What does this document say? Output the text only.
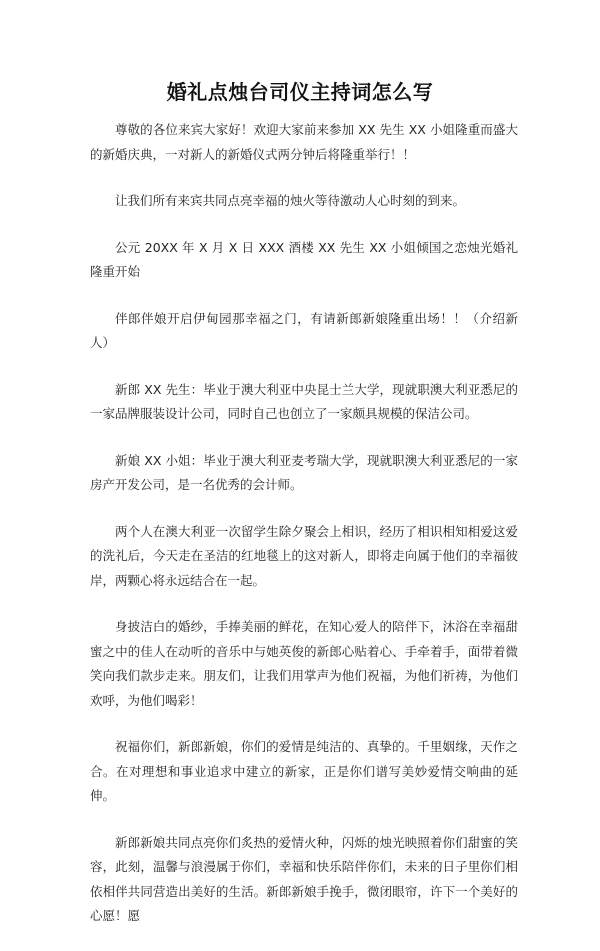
婚礼点烛台司仪主持词怎么写

尊敬的各位来宾大家好！欢迎大家前来参加 XX 先生 XX 小姐隆重而盛大的新婚庆典，一对新人的新婚仪式两分钟后将隆重举行！！

让我们所有来宾共同点亮幸福的烛火等待激动人心时刻的到来。

公元 20XX 年 X 月 X 日 XXX 酒楼 XX 先生 XX 小姐倾国之恋烛光婚礼隆重开始

伴郎伴娘开启伊甸园那幸福之门，有请新郎新娘隆重出场！！（介绍新人）

新郎 XX 先生：毕业于澳大利亚中央昆士兰大学，现就职澳大利亚悉尼的一家品牌服装设计公司，同时自己也创立了一家颇具规模的保洁公司。

新娘 XX 小姐：毕业于澳大利亚麦考瑞大学，现就职澳大利亚悉尼的一家房产开发公司，是一名优秀的会计师。

两个人在澳大利亚一次留学生除夕聚会上相识，经历了相识相知相爱这爱的洗礼后，今天走在圣洁的红地毯上的这对新人，即将走向属于他们的幸福彼岸，两颗心将永远结合在一起。

身披洁白的婚纱，手捧美丽的鲜花，在知心爱人的陪伴下，沐浴在幸福甜蜜之中的佳人在动听的音乐中与她英俊的新郎心贴着心、手牵着手，面带着微笑向我们款步走来。朋友们，让我们用掌声为他们祝福，为他们祈祷，为他们欢呼，为他们喝彩！

祝福你们，新郎新娘，你们的爱情是纯洁的、真挚的。千里姻缘，天作之合。在对理想和事业追求中建立的新家，正是你们谱写美妙爱情交响曲的延伸。

新郎新娘共同点亮你们炙热的爱情火种，闪烁的烛光映照着你们甜蜜的笑容，此刻，温馨与浪漫属于你们，幸福和快乐陪伴你们，未来的日子里你们相依相伴共同营造出美好的生活。新郎新娘手挽手，微闭眼帘，许下一个美好的心愿！愿
